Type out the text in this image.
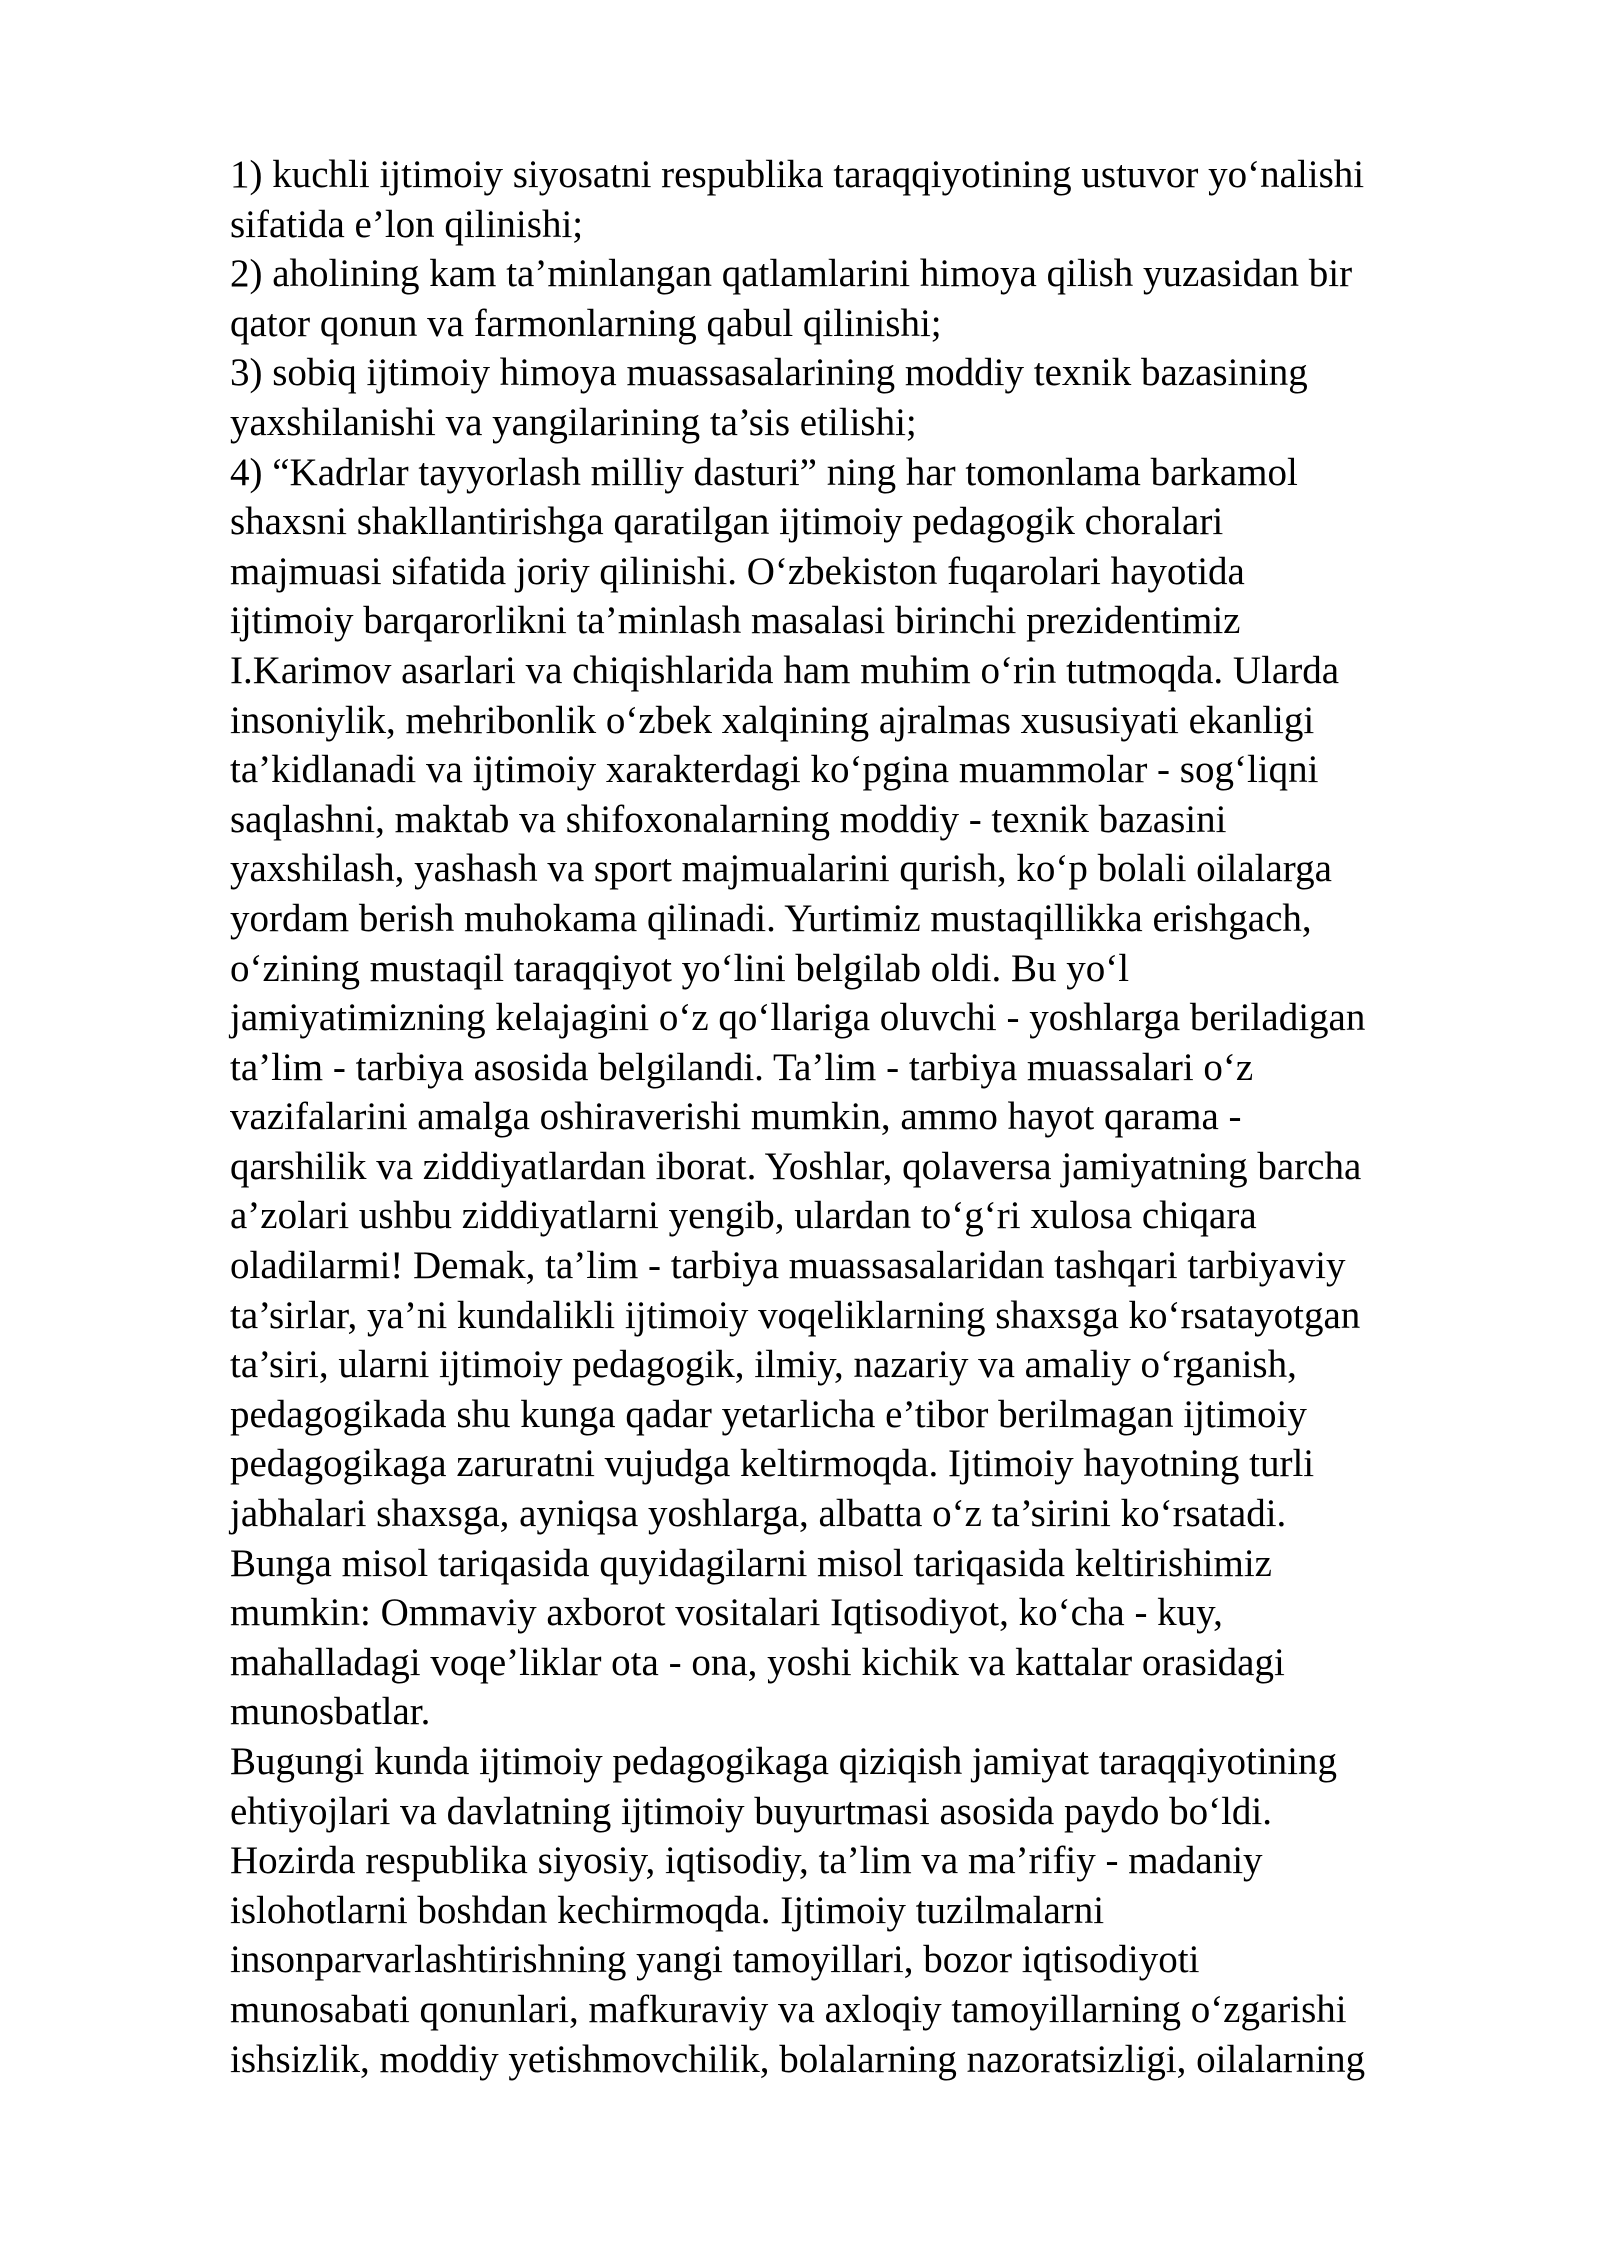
1) kuchli ijtimoiy siyosatni respublika taraqqiyotining ustuvor yo‘nalishi
sifatida e’lon qilinishi;
2) aholining kam ta’minlangan qatlamlarini himoya qilish yuzasidan bir
qator qonun va farmonlarning qabul qilinishi;
3) sobiq ijtimoiy himoya muassasalarining moddiy texnik bazasining
yaxshilanishi va yangilarining ta’sis etilishi;
4) “Kadrlar tayyorlash milliy dasturi” ning har tomonlama barkamol
shaxsni shakllantirishga qaratilgan ijtimoiy pedagogik choralari
majmuasi sifatida joriy qilinishi. O‘zbekiston fuqarolari hayotida
ijtimoiy barqarorlikni ta’minlash masalasi birinchi prezidentimiz
I.Karimov asarlari va chiqishlarida ham muhim o‘rin tutmoqda. Ularda
insoniylik, mehribonlik o‘zbek xalqining ajralmas xususiyati ekanligi
ta’kidlanadi va ijtimoiy xarakterdagi ko‘pgina muammolar - sog‘liqni
saqlashni, maktab va shifoxonalarning moddiy - texnik bazasini
yaxshilash, yashash va sport majmualarini qurish, ko‘p bolali oilalarga
yordam berish muhokama qilinadi. Yurtimiz mustaqillikka erishgach,
o‘zining mustaqil taraqqiyot yo‘lini belgilab oldi. Bu yo‘l
jamiyatimizning kelajagini o‘z qo‘llariga oluvchi - yoshlarga beriladigan
ta’lim - tarbiya asosida belgilandi. Ta’lim - tarbiya muassalari o‘z
vazifalarini amalga oshiraverishi mumkin, ammo hayot qarama -
qarshilik va ziddiyatlardan iborat. Yoshlar, qolaversa jamiyatning barcha
a’zolari ushbu ziddiyatlarni yengib, ulardan to‘g‘ri xulosa chiqara
oladilarmi! Demak, ta’lim - tarbiya muassasalaridan tashqari tarbiyaviy
ta’sirlar, ya’ni kundalikli ijtimoiy voqeliklarning shaxsga ko‘rsatayotgan
ta’siri, ularni ijtimoiy pedagogik, ilmiy, nazariy va amaliy o‘rganish,
pedagogikada shu kunga qadar yetarlicha e’tibor berilmagan ijtimoiy
pedagogikaga zaruratni vujudga keltirmoqda. Ijtimoiy hayotning turli
jabhalari shaxsga, ayniqsa yoshlarga, albatta o‘z ta’sirini ko‘rsatadi.
Bunga misol tariqasida quyidagilarni misol tariqasida keltirishimiz
mumkin: Ommaviy axborot vositalari Iqtisodiyot, ko‘cha - kuy,
mahalladagi voqe’liklar ota - ona, yoshi kichik va kattalar orasidagi
munosbatlar.
Bugungi kunda ijtimoiy pedagogikaga qiziqish jamiyat taraqqiyotining
ehtiyojlari va davlatning ijtimoiy buyurtmasi asosida paydo bo‘ldi.
Hozirda respublika siyosiy, iqtisodiy, ta’lim va ma’rifiy - madaniy
islohotlarni boshdan kechirmoqda. Ijtimoiy tuzilmalarni
insonparvarlashtirishning yangi tamoyillari, bozor iqtisodiyoti
munosabati qonunlari, mafkuraviy va axloqiy tamoyillarning o‘zgarishi
ishsizlik, moddiy yetishmovchilik, bolalarning nazoratsizligi, oilalarning
